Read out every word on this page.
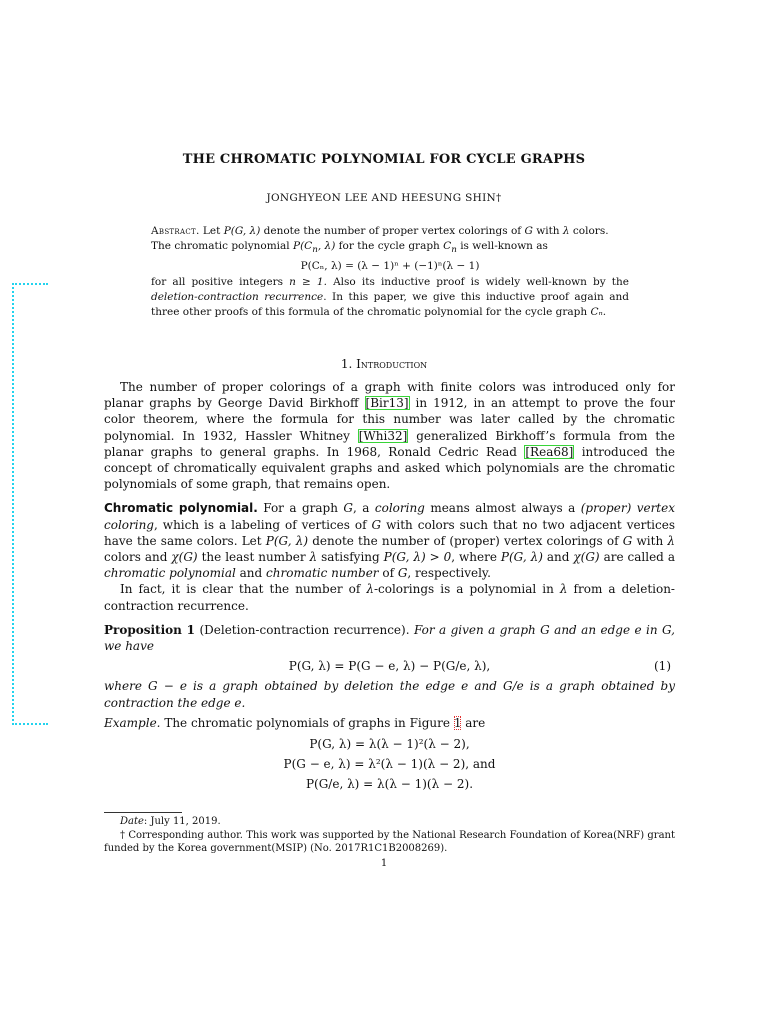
THE CHROMATIC POLYNOMIAL FOR CYCLE GRAPHS
JONGHYEON LEE AND HEESUNG SHIN†
Abstract. Let P(G, λ) denote the number of proper vertex colorings of G with λ colors.
The chromatic polynomial $P(C_n$, λ) for the cycle graph $C_n$ is well-known as
P(Cₙ, λ) = (λ − 1)ⁿ + (−1)ⁿ(λ − 1)
for all positive integers n ≥ 1. Also its inductive proof is widely well-known by the deletion-contraction recurrence. In this paper, we give this inductive proof again and three other proofs of this formula of the chromatic polynomial for the cycle graph Cₙ.
1. Introduction

The number of proper colorings of a graph with finite colors was introduced only for planar graphs by George David Birkhoff [Bir13] in 1912, in an attempt to prove the four color theorem, where the formula for this number was later called by the chromatic polynomial. In 1932, Hassler Whitney [Whi32] generalized Birkhoff’s formula from the planar graphs to general graphs. In 1968, Ronald Cedric Read [Rea68] introduced the concept of chromatically equivalent graphs and asked which polynomials are the chromatic polynomials of some graph, that remains open.

Chromatic polynomial. For a graph G, a coloring means almost always a (proper) vertex coloring, which is a labeling of vertices of G with colors such that no two adjacent vertices have the same colors. Let P(G, λ) denote the number of (proper) vertex colorings of G with λ colors and χ(G) the least number λ satisfying P(G, λ) > 0, where P(G, λ) and χ(G) are called a chromatic polynomial and chromatic number of G, respectively.

In fact, it is clear that the number of λ-colorings is a polynomial in λ from a deletion-contraction recurrence.

Proposition 1 (Deletion-contraction recurrence). For a given a graph G and an edge e in G, we have

P(G, λ) = P(G − e, λ) − P(G/e, λ),	(1)

where G − e is a graph obtained by deletion the edge e and G/e is a graph obtained by contraction the edge e.

Example. The chromatic polynomials of graphs in Figure 1 are

P(G, λ) = λ(λ − 1)²(λ − 2),
P(G − e, λ) = λ²(λ − 1)(λ − 2), and
P(G/e, λ) = λ(λ − 1)(λ − 2).

Date: July 11, 2019.

† Corresponding author. This work was supported by the National Research Foundation of Korea(NRF) grant funded by the Korea government(MSIP) (No. 2017R1C1B2008269).

1
